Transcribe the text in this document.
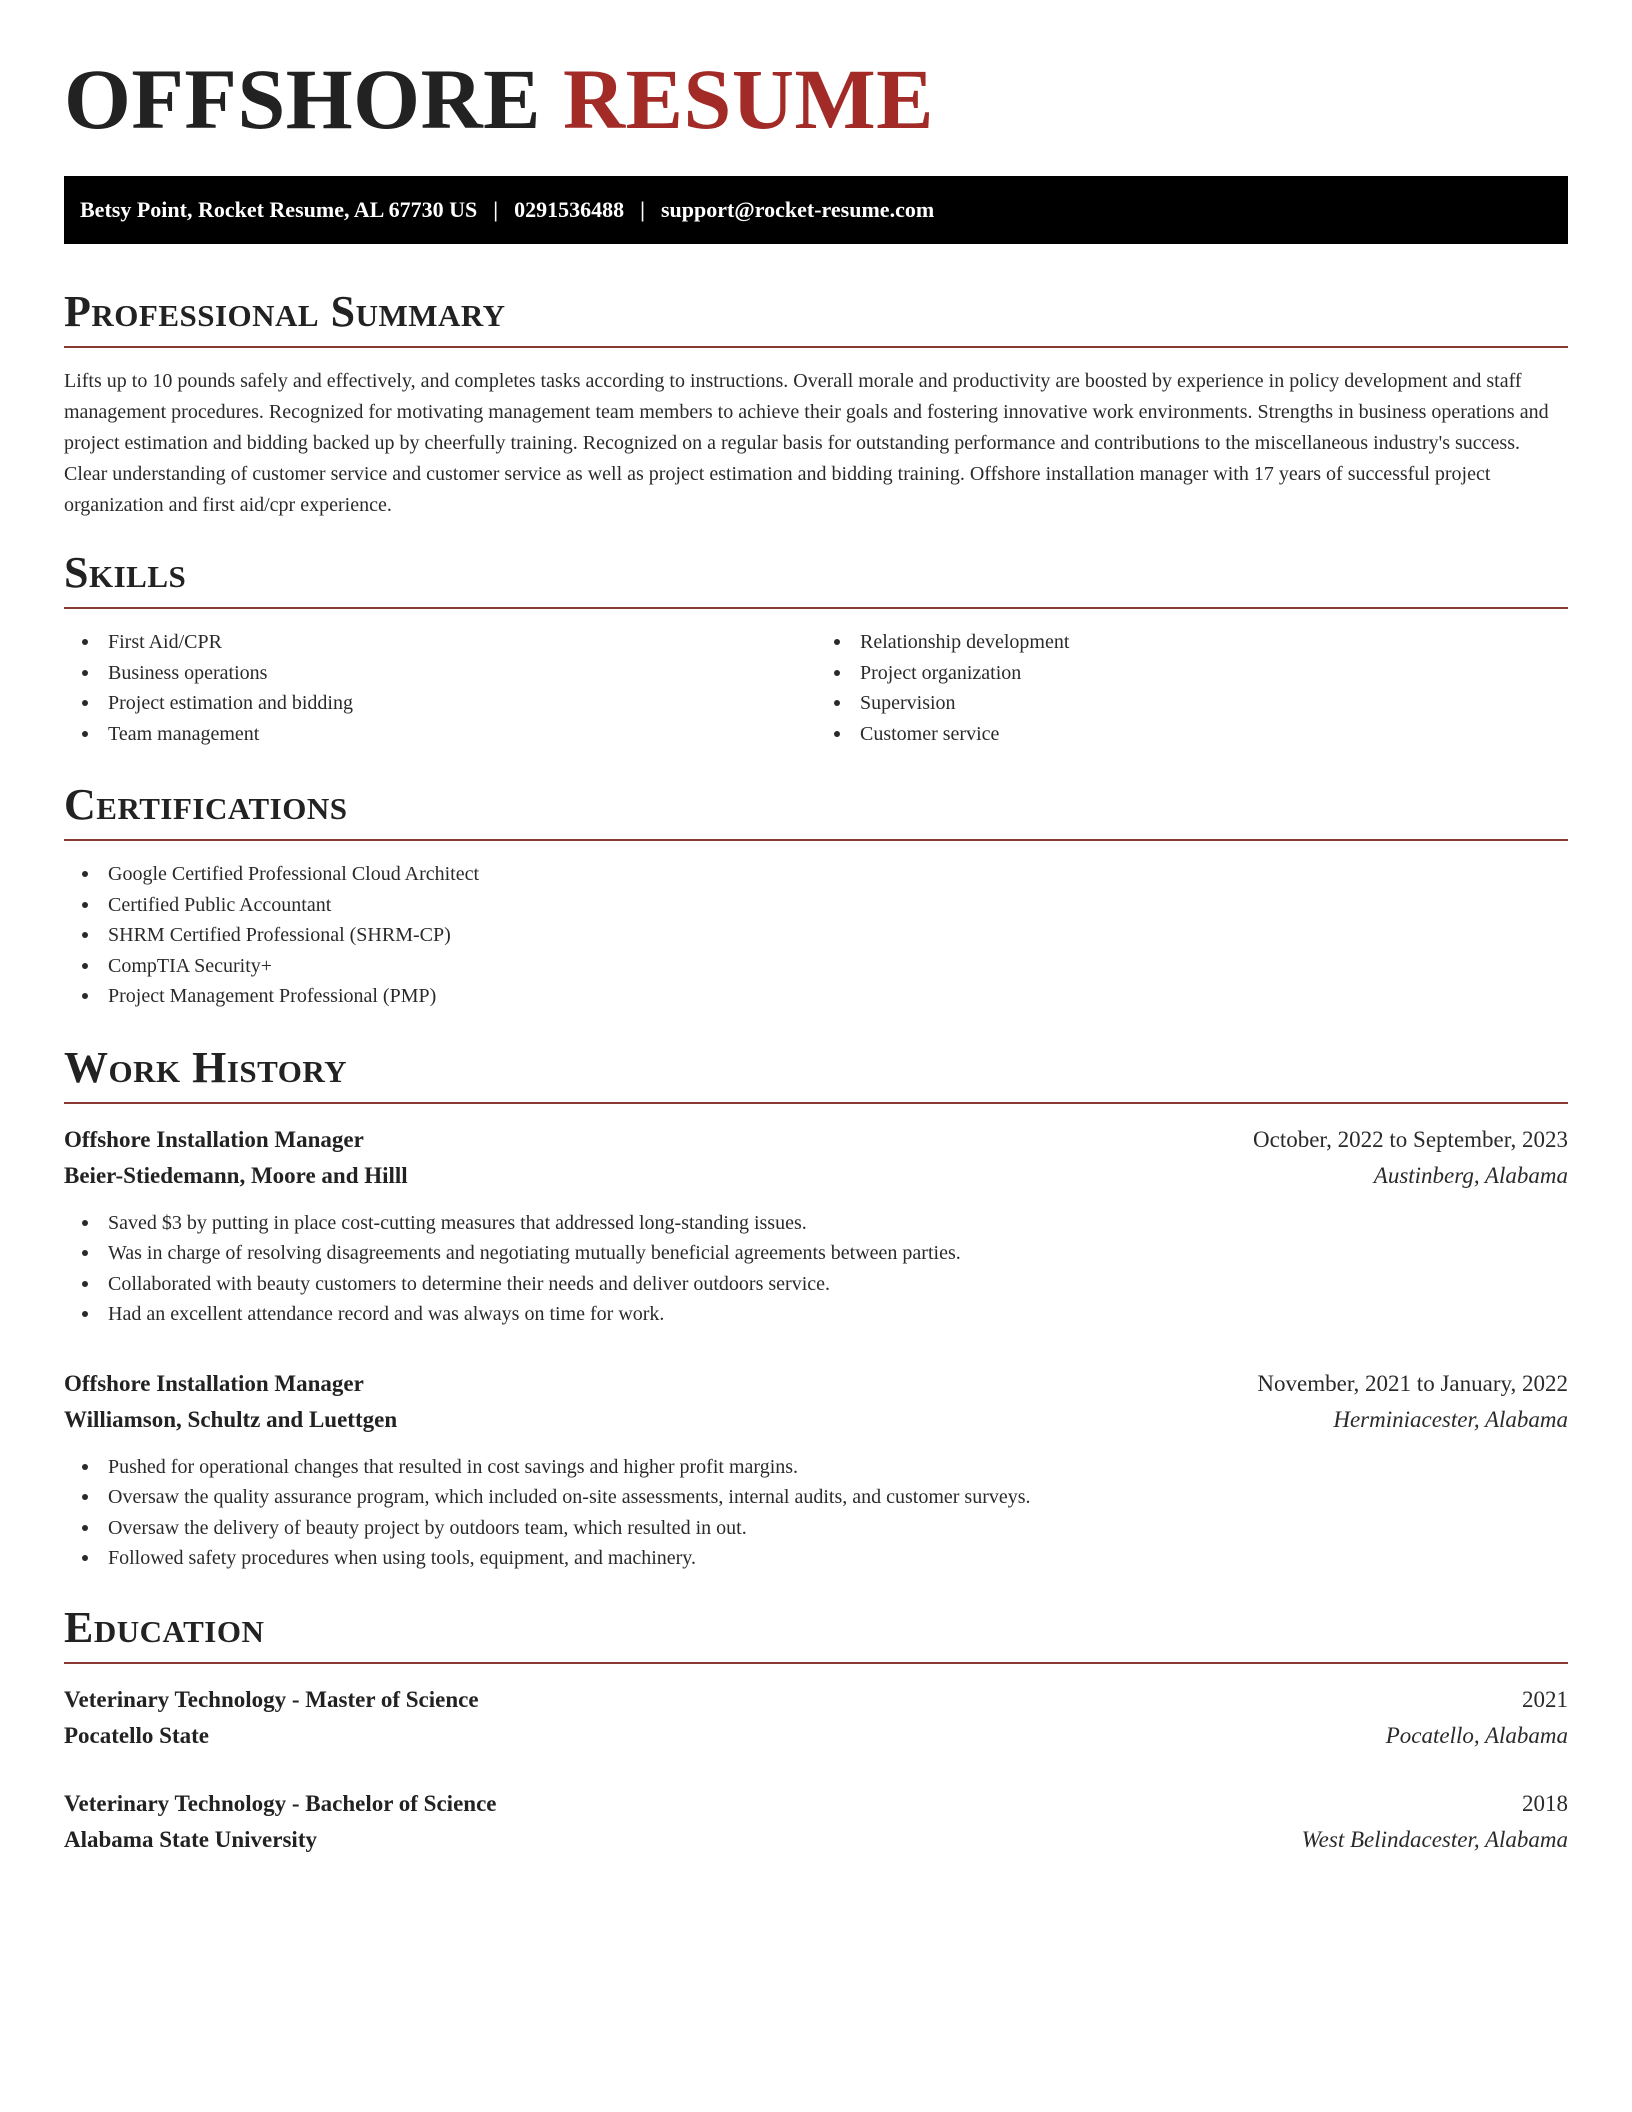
OFFSHORE RESUME
Betsy Point, Rocket Resume, AL 67730 US | 0291536488 | support@rocket-resume.com
Professional Summary

Lifts up to 10 pounds safely and effectively, and completes tasks according to instructions. Overall morale and productivity are boosted by experience in policy development and staff management procedures. Recognized for motivating management team members to achieve their goals and fostering innovative work environments. Strengths in business operations and project estimation and bidding backed up by cheerfully training. Recognized on a regular basis for outstanding performance and contributions to the miscellaneous industry's success. Clear understanding of customer service and customer service as well as project estimation and bidding training. Offshore installation manager with 17 years of successful project organization and first aid/cpr experience.

Skills
First Aid/CPR
Business operations
Project estimation and bidding
Team management
Relationship development
Project organization
Supervision
Customer service
Certifications
Google Certified Professional Cloud Architect
Certified Public Accountant
SHRM Certified Professional (SHRM-CP)
CompTIA Security+
Project Management Professional (PMP)
Work History
Offshore Installation Manager	October, 2022 to September, 2023
Beier-Stiedemann, Moore and Hilll	Austinberg, Alabama
Saved $3 by putting in place cost-cutting measures that addressed long-standing issues.
Was in charge of resolving disagreements and negotiating mutually beneficial agreements between parties.
Collaborated with beauty customers to determine their needs and deliver outdoors service.
Had an excellent attendance record and was always on time for work.
Offshore Installation Manager	November, 2021 to January, 2022
Williamson, Schultz and Luettgen	Herminiacester, Alabama
Pushed for operational changes that resulted in cost savings and higher profit margins.
Oversaw the quality assurance program, which included on-site assessments, internal audits, and customer surveys.
Oversaw the delivery of beauty project by outdoors team, which resulted in out.
Followed safety procedures when using tools, equipment, and machinery.
Education
Veterinary Technology - Master of Science	2021
Pocatello State	Pocatello, Alabama
Veterinary Technology - Bachelor of Science	2018
Alabama State University	West Belindacester, Alabama
